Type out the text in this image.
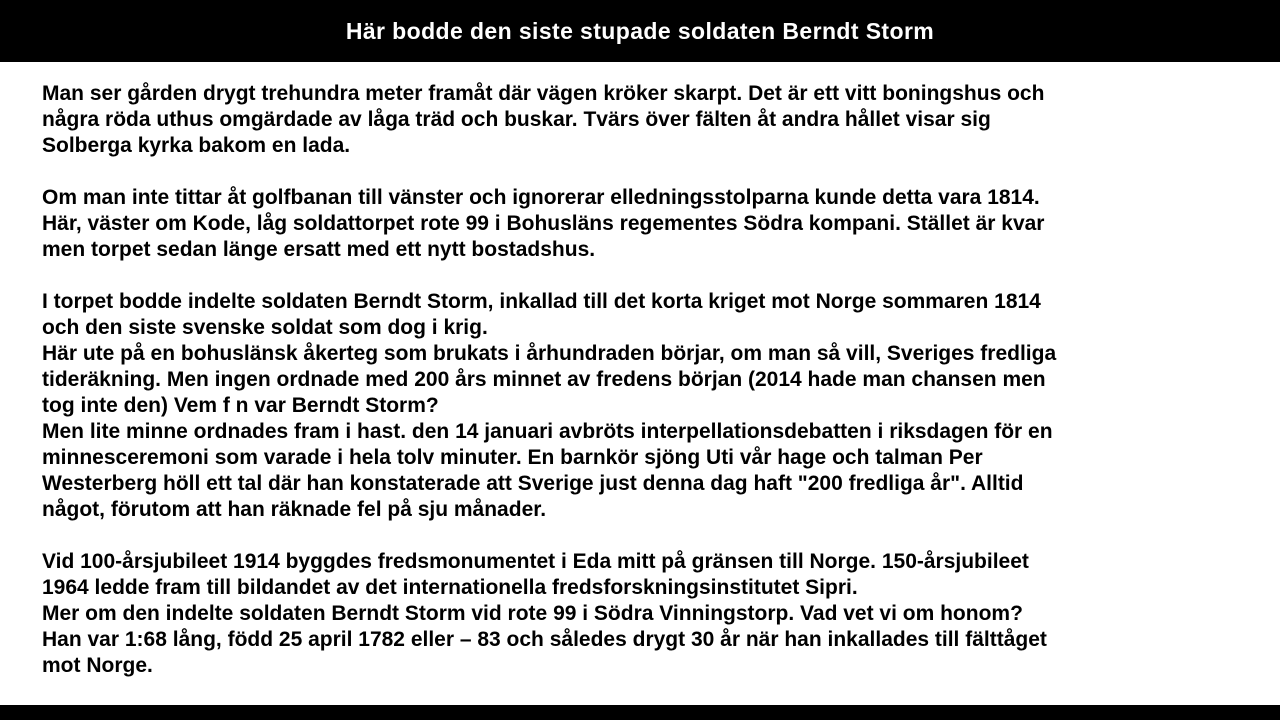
Här bodde den siste stupade soldaten Berndt Storm

Man ser gården drygt trehundra meter framåt där vägen kröker skarpt. Det är ett vitt boningshus och
några röda uthus omgärdade av låga träd och buskar. Tvärs över fälten åt andra hållet visar sig
Solberga kyrka bakom en lada.

Om man inte tittar åt golfbanan till vänster och ignorerar elledningsstolparna kunde detta vara 1814.
Här, väster om Kode, låg soldattorpet rote 99 i Bohusläns regementes Södra kompani. Stället är kvar
men torpet sedan länge ersatt med ett nytt bostadshus.

I torpet bodde indelte soldaten Berndt Storm, inkallad till det korta kriget mot Norge sommaren 1814
och den siste svenske soldat som dog i krig.
Här ute på en bohuslänsk åkerteg som brukats i århundraden börjar, om man så vill, Sveriges fredliga
tideräkning. Men ingen ordnade med 200 års minnet av fredens början (2014 hade man chansen men
tog inte den) Vem f n var Berndt Storm?
Men lite minne ordnades fram i hast. den 14 januari avbröts interpellationsdebatten i riksdagen för en
minnesceremoni som varade i hela tolv minuter. En barnkör sjöng Uti vår hage och talman Per
Westerberg höll ett tal där han konstaterade att Sverige just denna dag haft "200 fredliga år". Alltid
något, förutom att han räknade fel på sju månader.

Vid 100-årsjubileet 1914 byggdes fredsmonumentet i Eda mitt på gränsen till Norge. 150-årsjubileet
1964 ledde fram till bildandet av det internationella fredsforskningsinstitutet Sipri.
Mer om den indelte soldaten Berndt Storm vid rote 99 i Södra Vinningstorp. Vad vet vi om honom?
Han var 1:68 lång, född 25 april 1782 eller – 83 och således drygt 30 år när han inkallades till fälttåget
mot Norge.
